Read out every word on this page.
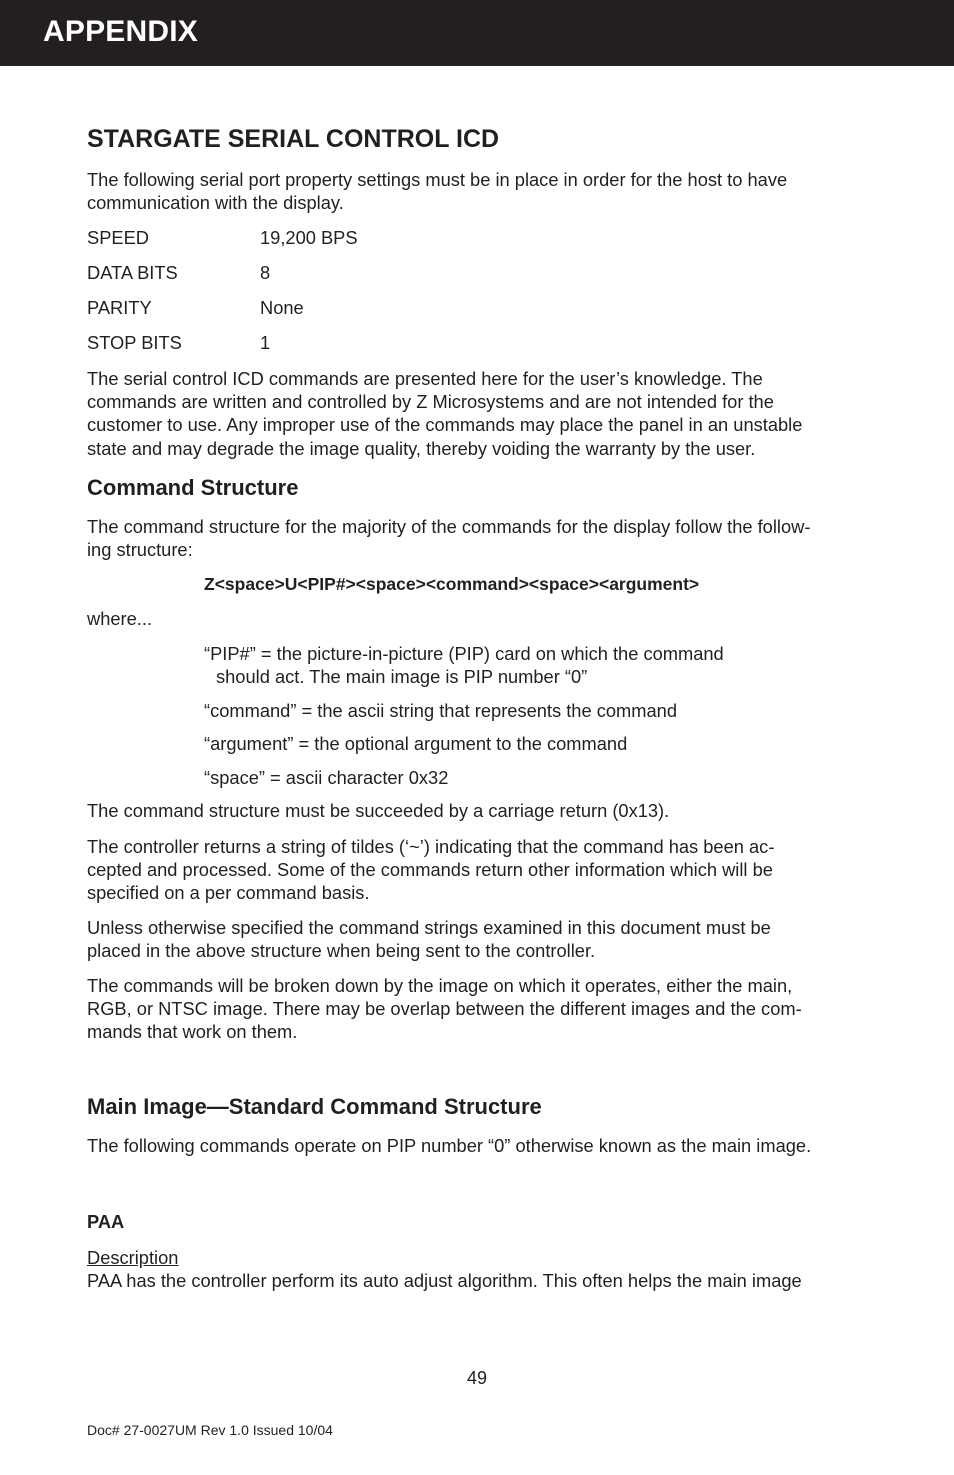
APPENDIX
STARGATE SERIAL CONTROL ICD
The following serial port property settings must be in place in order for the host to have
communication with the display.
SPEED	19,200 BPS
DATA BITS	8
PARITY	None
STOP BITS	1
The serial control ICD commands are presented here for the user’s knowledge. The
commands are written and controlled by Z Microsystems and are not intended for the
customer to use. Any improper use of the commands may place the panel in an unstable
state and may degrade the image quality, thereby voiding the warranty by the user.
Command Structure
The command structure for the majority of the commands for the display follow the follow-
ing structure:
Z<space>U<PIP#><space><command><space><argument>
where...
“PIP#” = the picture-in-picture (PIP) card on which the command
should act. The main image is PIP number “0”
“command” = the ascii string that represents the command
“argument” = the optional argument to the command
“space” = ascii character 0x32
The command structure must be succeeded by a carriage return (0x13).
The controller returns a string of tildes (‘~’) indicating that the command has been ac-
cepted and processed. Some of the commands return other information which will be
specified on a per command basis.
Unless otherwise specified the command strings examined in this document must be
placed in the above structure when being sent to the controller.
The commands will be broken down by the image on which it operates, either the main,
RGB, or NTSC image. There may be overlap between the different images and the com-
mands that work on them.
Main Image—Standard Command Structure
The following commands operate on PIP number “0” otherwise known as the main image.
PAA
Description
PAA has the controller perform its auto adjust algorithm. This often helps the main image
49
Doc# 27-0027UM Rev 1.0 Issued 10/04
